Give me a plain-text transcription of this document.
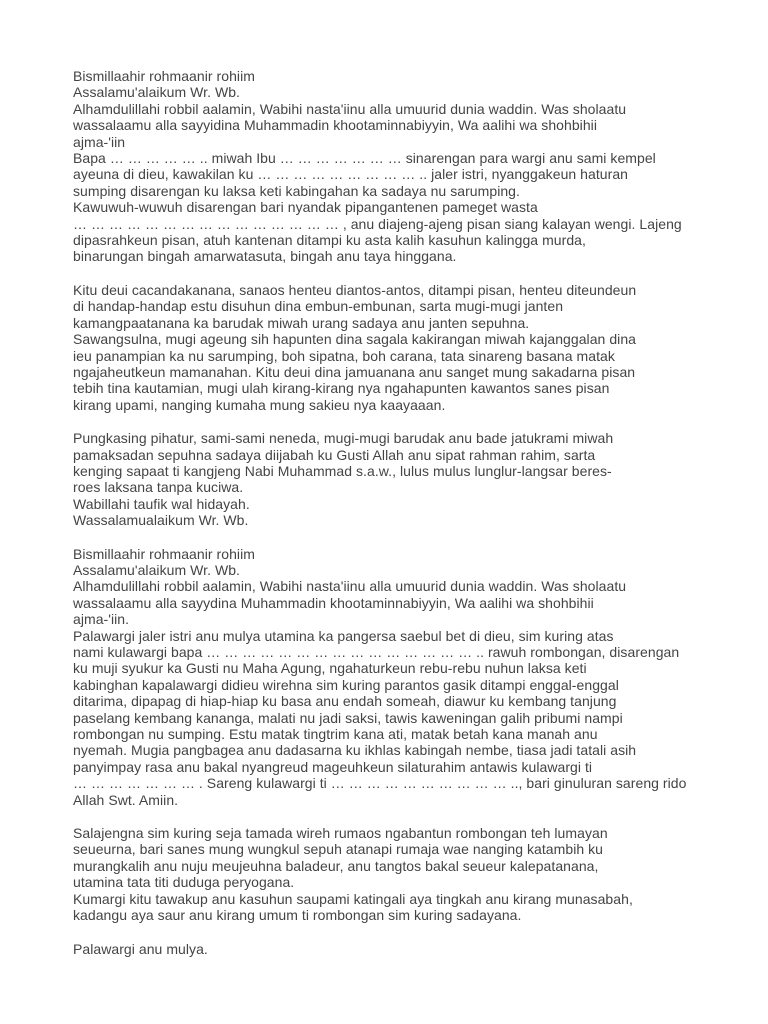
Bismillaahir rohmaanir rohiim
Assalamu'alaikum Wr. Wb.
Alhamdulillahi robbil aalamin, Wabihi nasta'iinu alla umuurid dunia waddin. Was sholaatu
wassalaamu alla sayyidina Muhammadin khootaminnabiyyin, Wa aalihi wa shohbihii
ajma-'iin
Bapa … … … … … .. miwah Ibu … … … … … … … sinarengan para wargi anu sami kempel
ayeuna di dieu, kawakilan ku … … … … … … … … … .. jaler istri, nyanggakeun haturan
sumping disarengan ku laksa keti kabingahan ka sadaya nu sarumping.
Kawuwuh-wuwuh disarengan bari nyandak pipangantenen pameget wasta
… … … … … … … … … … … … … … … , anu diajeng-ajeng pisan siang kalayan wengi. Lajeng
dipasrahkeun pisan, atuh kantenan ditampi ku asta kalih kasuhun kalingga murda,
binarungan bingah amarwatasuta, bingah anu taya hinggana.
Kitu deui cacandakanana, sanaos henteu diantos-antos, ditampi pisan, henteu diteundeun
di handap-handap estu disuhun dina embun-embunan, sarta mugi-mugi janten
kamangpaatanana ka barudak miwah urang sadaya anu janten sepuhna.
Sawangsulna, mugi ageung sih hapunten dina sagala kakirangan miwah kajanggalan dina
ieu panampian ka nu sarumping, boh sipatna, boh carana, tata sinareng basana matak
ngajaheutkeun mamanahan. Kitu deui dina jamuanana anu sanget mung sakadarna pisan
tebih tina kautamian, mugi ulah kirang-kirang nya ngahapunten kawantos sanes pisan
kirang upami, nanging kumaha mung sakieu nya kaayaaan.
Pungkasing pihatur, sami-sami neneda, mugi-mugi barudak anu bade jatukrami miwah
pamaksadan sepuhna sadaya diijabah ku Gusti Allah anu sipat rahman rahim, sarta
kenging sapaat ti kangjeng Nabi Muhammad s.a.w., lulus mulus lunglur-langsar beres-
roes laksana tanpa kuciwa.
Wabillahi taufik wal hidayah.
Wassalamualaikum Wr. Wb.
Bismillaahir rohmaanir rohiim
Assalamu'alaikum Wr. Wb.
Alhamdulillahi robbil aalamin, Wabihi nasta'iinu alla umuurid dunia waddin. Was sholaatu
wassalaamu alla sayydina Muhammadin khootaminnabiyyin, Wa aalihi wa shohbihii
ajma-'iin.
Palawargi jaler istri anu mulya utamina ka pangersa saebul bet di dieu, sim kuring atas
nami kulawargi bapa … … … … … … … … … … … … … … … .. rawuh rombongan, disarengan
ku muji syukur ka Gusti nu Maha Agung, ngahaturkeun rebu-rebu nuhun laksa keti
kabinghan kapalawargi didieu wirehna sim kuring parantos gasik ditampi enggal-enggal
ditarima, dipapag di hiap-hiap ku basa anu endah someah, diawur ku kembang tanjung
paselang kembang kananga, malati nu jadi saksi, tawis kaweningan galih pribumi nampi
rombongan nu sumping. Estu matak tingtrim kana ati, matak betah kana manah anu
nyemah. Mugia pangbagea anu dadasarna ku ikhlas kabingah nembe, tiasa jadi tatali asih
panyimpay rasa anu bakal nyangreud mageuhkeun silaturahim antawis kulawargi ti
… … … … … … … . Sareng kulawargi ti … … … … … … … … … … .., bari ginuluran sareng rido
Allah Swt. Amiin.
Salajengna sim kuring seja tamada wireh rumaos ngabantun rombongan teh lumayan
seueurna, bari sanes mung wungkul sepuh atanapi rumaja wae nanging katambih ku
murangkalih anu nuju meujeuhna baladeur, anu tangtos bakal seueur kalepatanana,
utamina tata titi duduga peryogana.
Kumargi kitu tawakup anu kasuhun saupami katingali aya tingkah anu kirang munasabah,
kadangu aya saur anu kirang umum ti rombongan sim kuring sadayana.
Palawargi anu mulya.
